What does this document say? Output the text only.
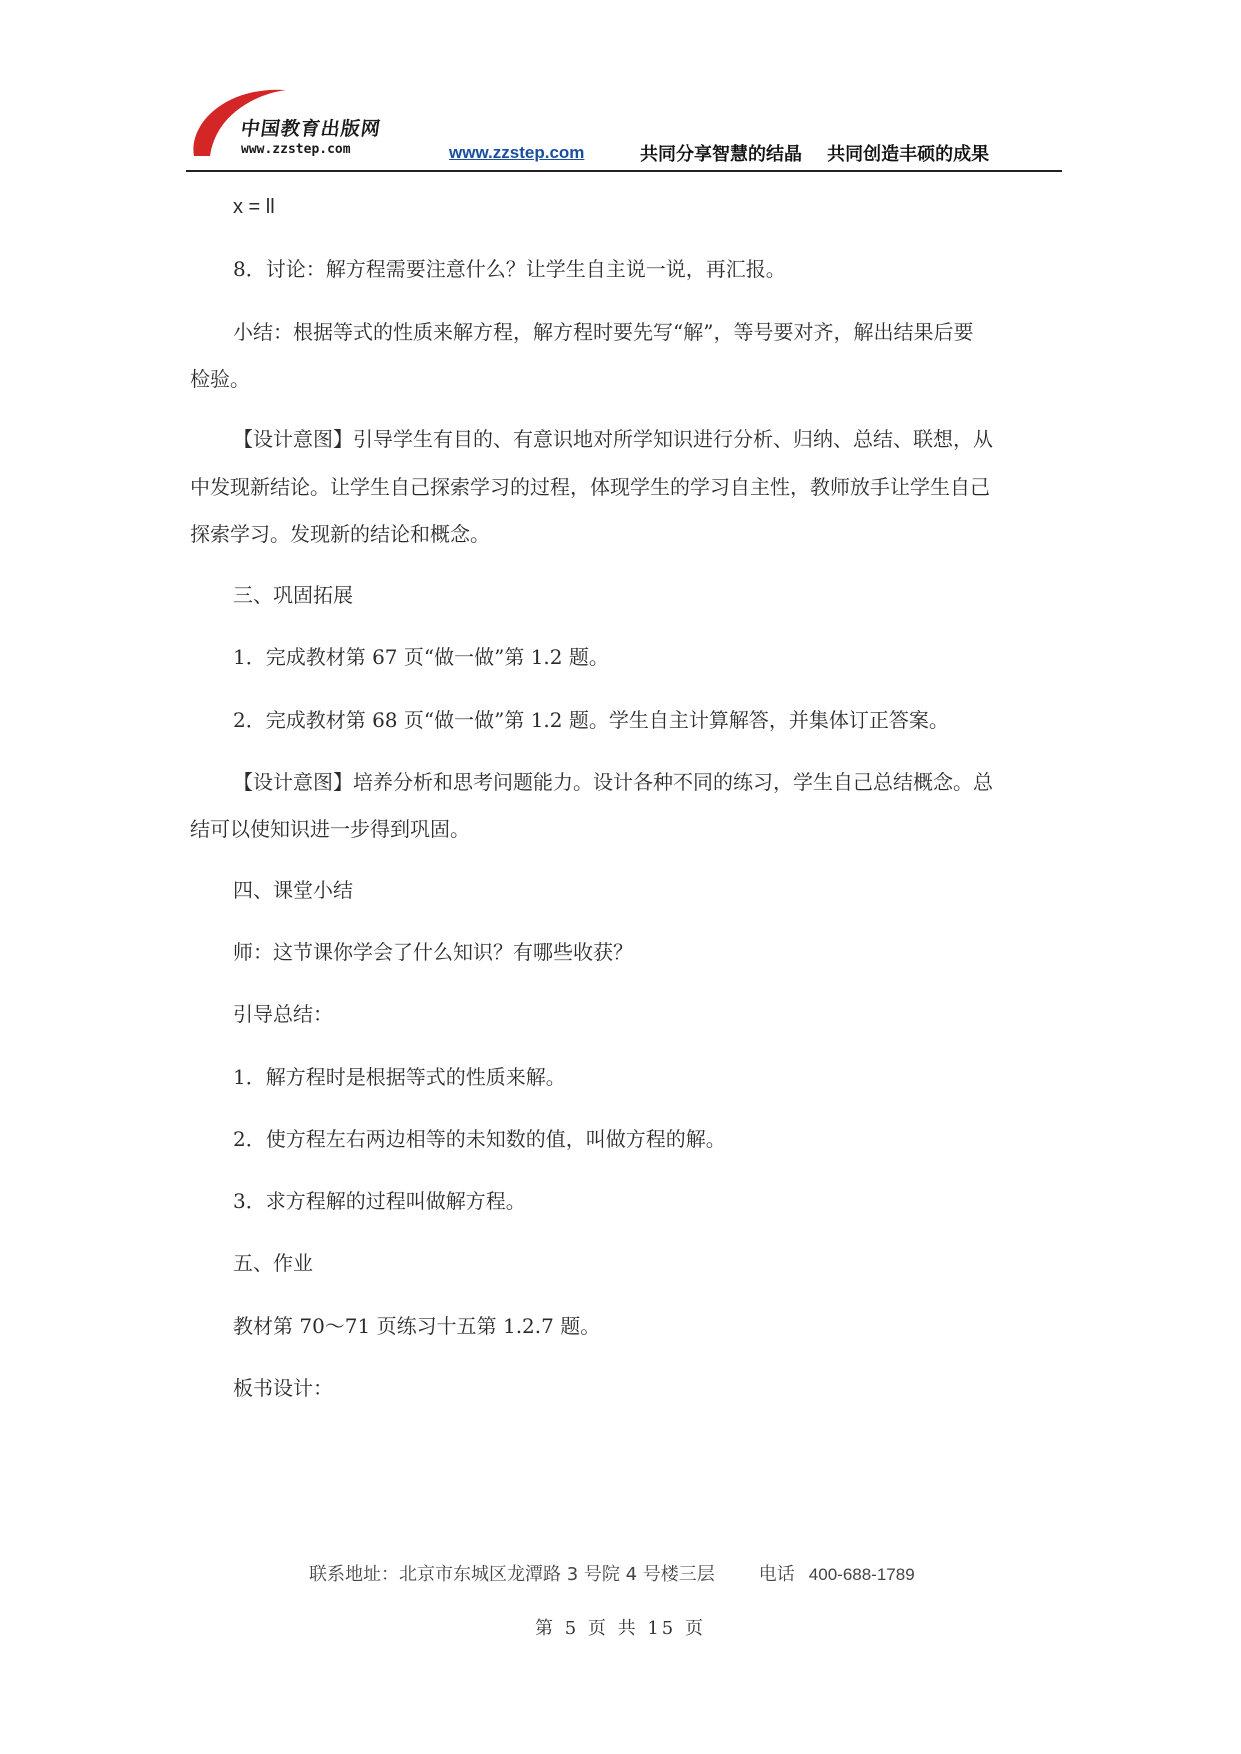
中国教育出版网
www.zzstep.com	www.zzstep.com	共同分享智慧的结晶    共同创造丰硕的成果
x = ll
8．讨论：解方程需要注意什么？让学生自主说一说，再汇报。
小结：根据等式的性质来解方程，解方程时要先写“解”，等号要对齐，解出结果后要
检验。
【设计意图】引导学生有目的、有意识地对所学知识进行分析、归纳、总结、联想，从
中发现新结论。让学生自己探索学习的过程，体现学生的学习自主性，教师放手让学生自己
探索学习。发现新的结论和概念。
三、巩固拓展
1．完成教材第 67 页“做一做”第 1.2 题。
2．完成教材第 68 页“做一做”第 1.2 题。学生自主计算解答，并集体订正答案。
【设计意图】培养分析和思考问题能力。设计各种不同的练习，学生自己总结概念。总
结可以使知识进一步得到巩固。
四、课堂小结
师：这节课你学会了什么知识？有哪些收获？
引导总结：
1．解方程时是根据等式的性质来解。
2．使方程左右两边相等的未知数的值，叫做方程的解。
3．求方程解的过程叫做解方程。
五、作业
教材第 70～71 页练习十五第 1.2.7 题。
板书设计：
联系地址：北京市东城区龙潭路 3 号院 4 号楼三层 电话 400-688-1789
第 5 页 共 15 页
